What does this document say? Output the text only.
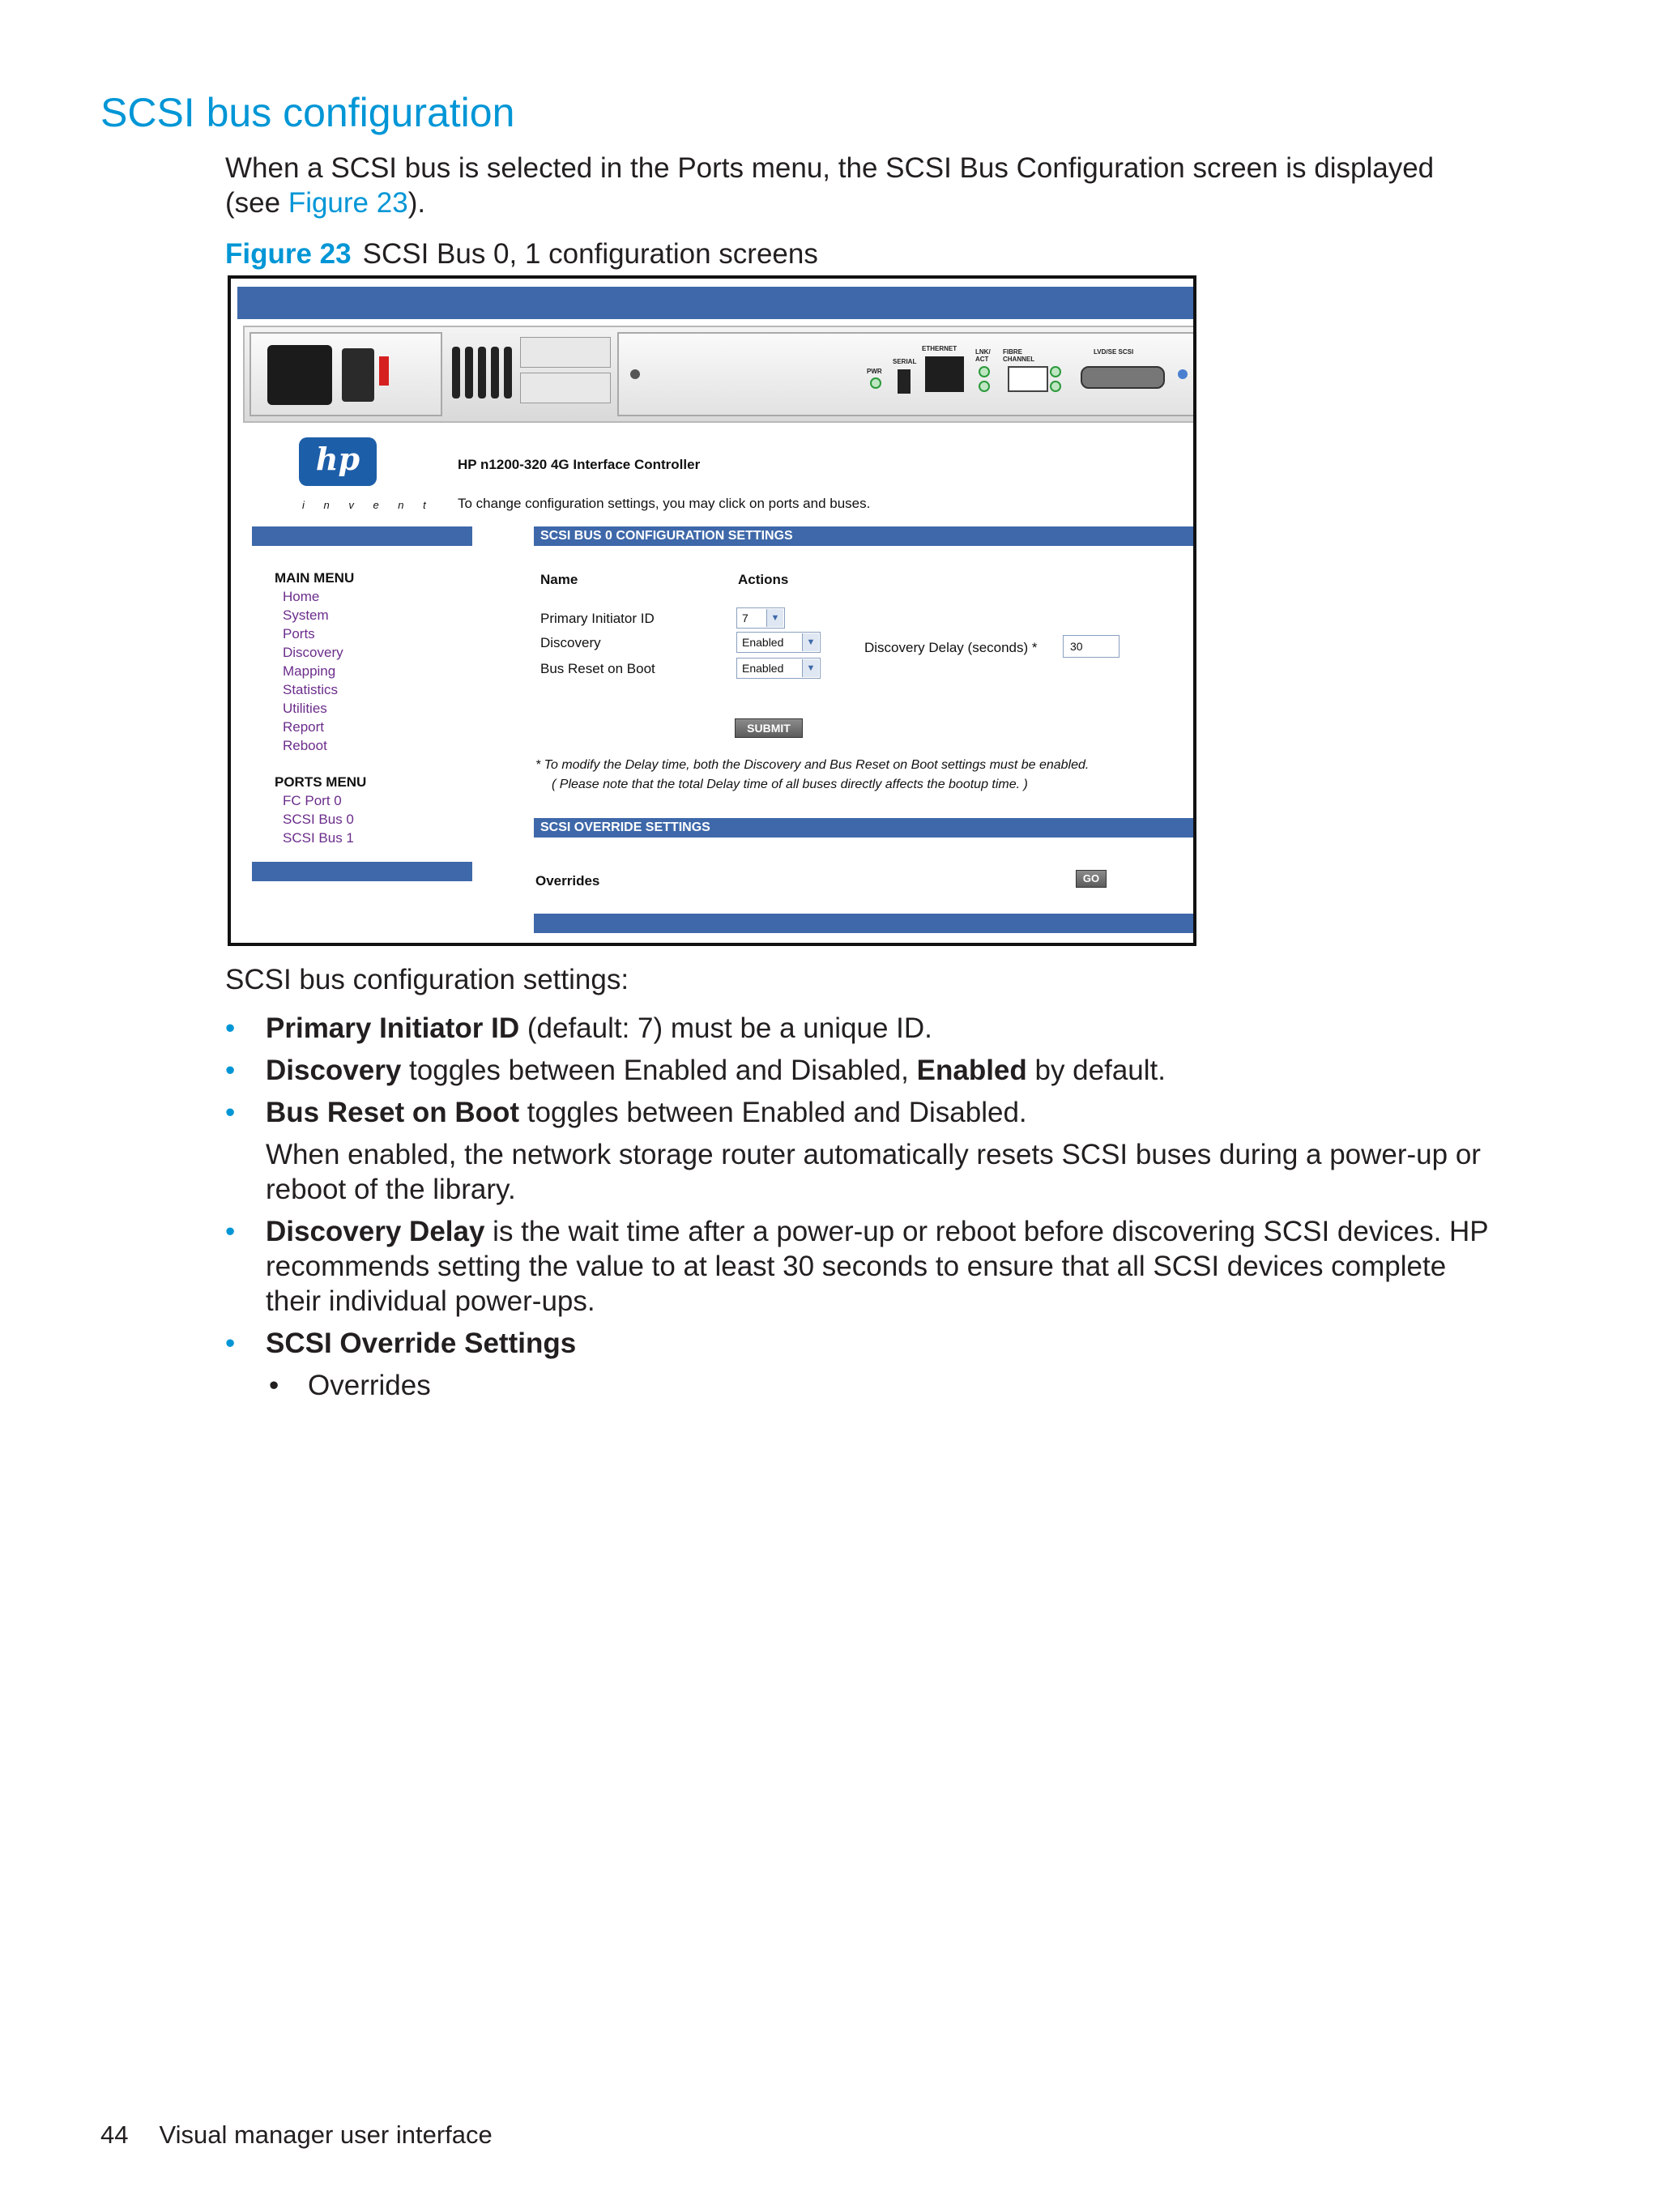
SCSI bus configuration

When a SCSI bus is selected in the Ports menu, the SCSI Bus Configuration screen is displayed (see Figure 23).

Figure 23 SCSI Bus 0, 1 configuration screens
PWR
SERIAL
ETHERNET	LNK/ ACT
FIBRE CHANNEL
LVD/SE SCSI
hp
i n v e n t
HP n1200-320 4G Interface Controller
To change configuration settings, you may click on ports and buses.
MAIN MENU
Home
System
Ports
Discovery
Mapping
Statistics
Utilities
Report
Reboot
PORTS MENU
FC Port 0
SCSI Bus 0
SCSI Bus 1
SCSI BUS 0 CONFIGURATION SETTINGS
Name	Actions
Primary Initiator ID	7	▼
Discovery	Enabled	▼
Bus Reset on Boot	Enabled	▼
Discovery Delay (seconds) *	30
SUBMIT
* To modify the Delay time, both the Discovery and Bus Reset on Boot settings must be enabled.
( Please note that the total Delay time of all buses directly affects the bootup time. )
SCSI OVERRIDE SETTINGS
Overrides	GO
SCSI bus configuration settings:
• Primary Initiator ID (default: 7) must be a unique ID.
• Discovery toggles between Enabled and Disabled, Enabled by default.
• Bus Reset on Boot toggles between Enabled and Disabled.
When enabled, the network storage router automatically resets SCSI buses during a power-up or reboot of the library.
• Discovery Delay is the wait time after a power-up or reboot before discovering SCSI devices. HP recommends setting the value to at least 30 seconds to ensure that all SCSI devices complete their individual power-ups.
• SCSI Override Settings
• Overrides
44 Visual manager user interface
